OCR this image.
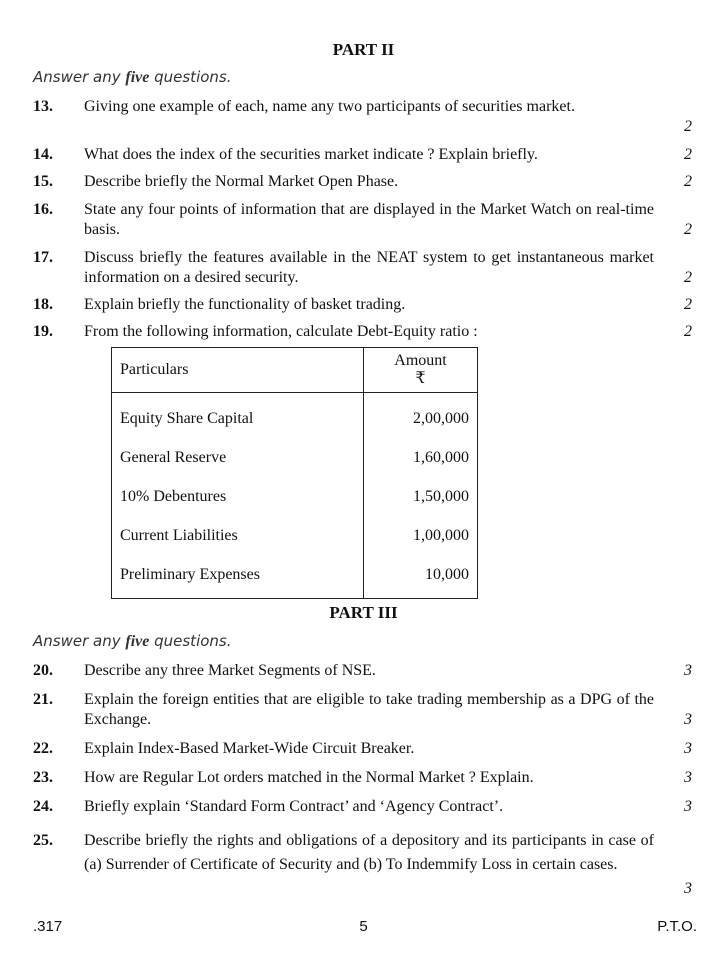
PART II
Answer any five questions.
13. Giving one example of each, name any two participants of securities market.
2
14. What does the index of the securities market indicate ? Explain briefly.	2
15. Describe briefly the Normal Market Open Phase.	2
16. State any four points of information that are displayed in the Market Watch on real-time basis.	2
17. Discuss briefly the features available in the NEAT system to get instantaneous market information on a desired security.	2
18. Explain briefly the functionality of basket trading.	2
19. From the following information, calculate Debt-Equity ratio :	2
Particulars	Amount
₹

Equity Share Capital	2,00,000
General Reserve	1,60,000
10% Debentures	1,50,000
Current Liabilities	1,00,000
Preliminary Expenses	10,000
PART III
Answer any five questions.
20. Describe any three Market Segments of NSE.	3
21. Explain the foreign entities that are eligible to take trading membership as a DPG of the Exchange.	3
22. Explain Index-Based Market-Wide Circuit Breaker.	3
23. How are Regular Lot orders matched in the Normal Market ? Explain.	3
24. Briefly explain ‘Standard Form Contract’ and ‘Agency Contract’.	3
25. Describe briefly the rights and obligations of a depository and its participants in case of (a) Surrender of Certificate of Security and (b) To Indemmify Loss in certain cases.
3
.317	5	P.T.O.
